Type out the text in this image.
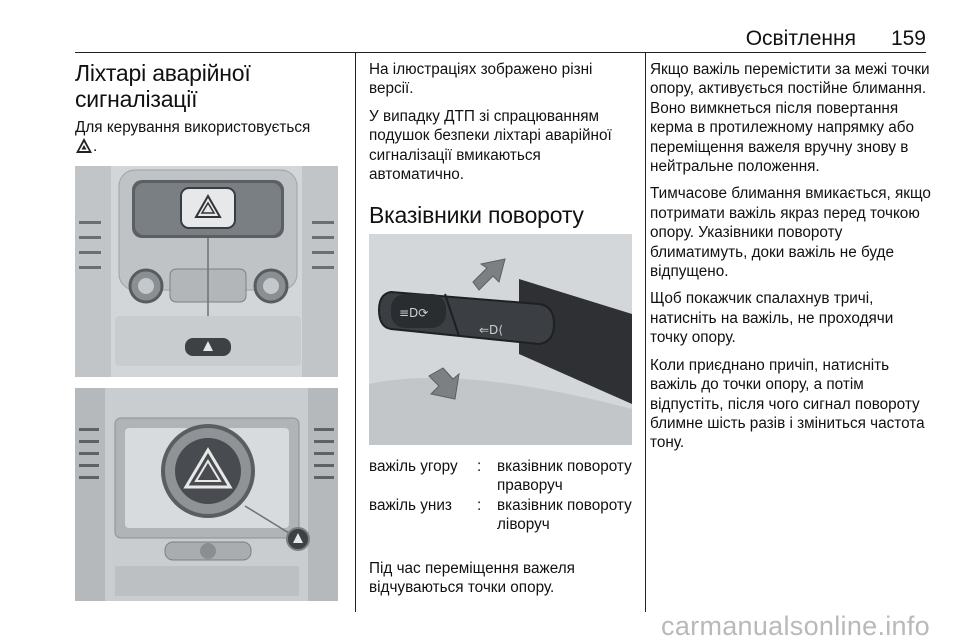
Освітлення 159
Ліхтарі аварійної
сигналізації

Для керування використовується
.

На ілюстраціях зображено різні версії.

У випадку ДТП зі спрацюванням подушок безпеки ліхтарі аварійної сигналізації вмикаються автоматично.

Вказівники повороту
≡D⟳
⇐D⟨
важіль угору	:	вказівник повороту праворуч
важіль униз	:	вказівник повороту ліворуч

Під час переміщення важеля відчуваються точки опору.

Якщо важіль перемістити за межі точки опору, активується постійне блимання. Воно вимкнеться після повертання керма в протилежному напрямку або переміщення важеля вручну знову в нейтральне положення.

Тимчасове блимання вмикається, якщо потримати важіль якраз перед точкою опору. Указівники повороту блиматимуть, доки важіль не буде відпущено.

Щоб покажчик спалахнув тричі, натисніть на важіль, не проходячи точку опору.

Коли приєднано причіп, натисніть важіль до точки опору, а потім відпустіть, після чого сигнал повороту блимне шість разів і зміниться частота тону.

carmanualsonline.info
